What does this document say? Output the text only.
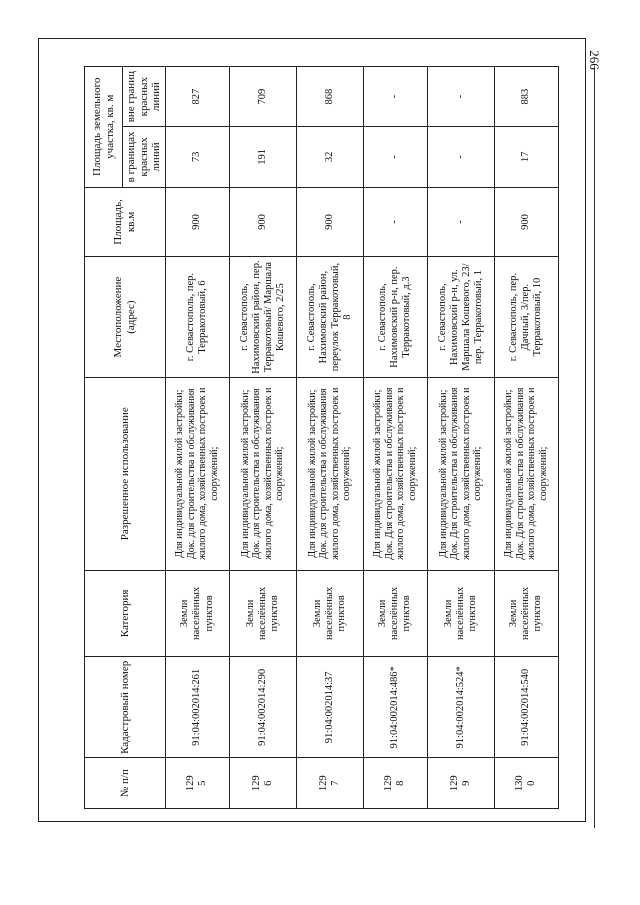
266
№ п/п	Кадастровый номер	Категория	Разрешенное использование	Местоположение (адрес)	Площадь, кв.м	Площадь земельного участка, кв. м	
						в границах красных линий	вне границ красных линий

129 5	91:04:002014:261	Земли населённых пунктов	Для индивидуальной жилой застройки; Док. для строительства и обслуживания жилого дома, хозяйственных построек и сооружений;	г. Севастополь, пер. Терракотовый, 6	900	73	827

129 6	91:04:002014:290	Земли населённых пунктов	Для индивидуальной жилой застройки; Док. для строительства и обслуживания жилого дома, хозяйственных построек и сооружений;	г. Севастополь, Нахимовский район, пер. Терракотовый/ Маршала Кошевого, 2/25	900	191	709

129 7	91:04:002014:37	Земли населённых пунктов	Для индивидуальной жилой застройки; Док. для строительства и обслуживания жилого дома, хозяйственных построек и сооружений;	г. Севастополь, Нахимовский район, переулок Терракотовый, 8	900	32	868

129 8	91:04:002014:486*	Земли населённых пунктов	Для индивидуальной жилой застройки; Док. Для строительства и обслуживания жилого дома, хозяйственных построек и сооружений;	г. Севастополь, Нахимовский р-н, пер. Терракотовый, д.3	-	-	-

129 9	91:04:002014:524*	Земли населённых пунктов	Для индивидуальной жилой застройки; Док. Для строительства и обслуживания жилого дома, хозяйственных построек и сооружений;	г. Севастополь, Нахимовский р-н, ул. Маршала Кошевого, 23/пер. Терракотовый, 1	-	-	-

130 0	91:04:002014:540	Земли населённых пунктов	Для индивидуальной жилой застройки; Док. Для строительства и обслуживания жилого дома, хозяйственных построек и сооружений;	г. Севастополь, пер. Дачный, 3/пер. Терракотовый, 10	900	17	883
